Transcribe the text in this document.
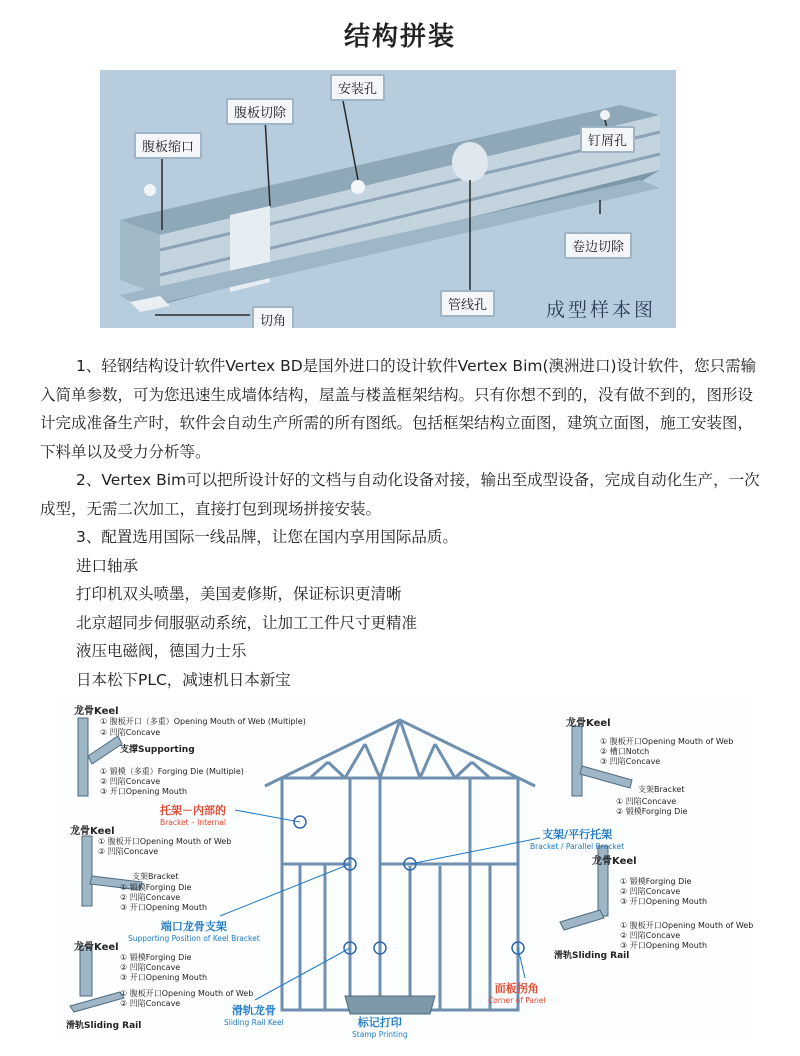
结构拼装
安装孔
腹板切除
腹板缩口	钉屑孔
卷边切除
管线孔
切角
成型样本图

1、轻钢结构设计软件Vertex BD是国外进口的设计软件Vertex Bim(澳洲进口)设计软件，您只需输入简单参数，可为您迅速生成墙体结构，屋盖与楼盖框架结构。只有你想不到的，没有做不到的，图形设计完成准备生产时，软件会自动生产所需的所有图纸。包括框架结构立面图，建筑立面图，施工安装图，下料单以及受力分析等。

2、Vertex Bim可以把所设计好的文档与自动化设备对接，输出至成型设备，完成自动化生产，一次成型，无需二次加工，直接打包到现场拼接安装。

3、配置选用国际一线品牌，让您在国内享用国际品质。

进口轴承

打印机双头喷墨，美国麦修斯，保证标识更清晰

北京超同步伺服驱动系统，让加工工件尺寸更精准

液压电磁阀，德国力士乐

日本松下PLC，减速机日本新宝

龙骨Keel
① 腹板开口（多重）Opening Mouth of Web (Multiple)
② 凹陷Concave
支撑Supporting
① 锻模（多重）Forging Die (Multiple)
② 凹陷Concave
③ 开口Opening Mouth
龙骨Keel
① 腹板开口Opening Mouth of Web
② 凹陷Concave
支架Bracket
① 锻模Forging Die
② 凹陷Concave
③ 开口Opening Mouth
龙骨Keel
① 锻模Forging Die
② 凹陷Concave
③ 开口Opening Mouth
① 腹板开口Opening Mouth of Web
② 凹陷Concave
滑轨Sliding Rail
龙骨Keel
① 腹板开口Opening Mouth of Web
② 槽口Notch
③ 凹陷Concave
支架Bracket
① 凹陷Concave
② 锻模Forging Die
龙骨Keel
① 锻模Forging Die
② 凹陷Concave
③ 开口Opening Mouth
① 腹板开口Opening Mouth of Web
② 凹陷Concave
③ 开口Opening Mouth
滑轨Sliding Rail
托架－内部的
Bracket – Internal
支架/平行托架
Bracket / Parallel Bracket
端口龙骨支架
Supporting Position of Keel Bracket
滑轨龙骨
Sliding Rail Keel	标记打印
Stamp Printing
面板拐角
Corner of Panel
